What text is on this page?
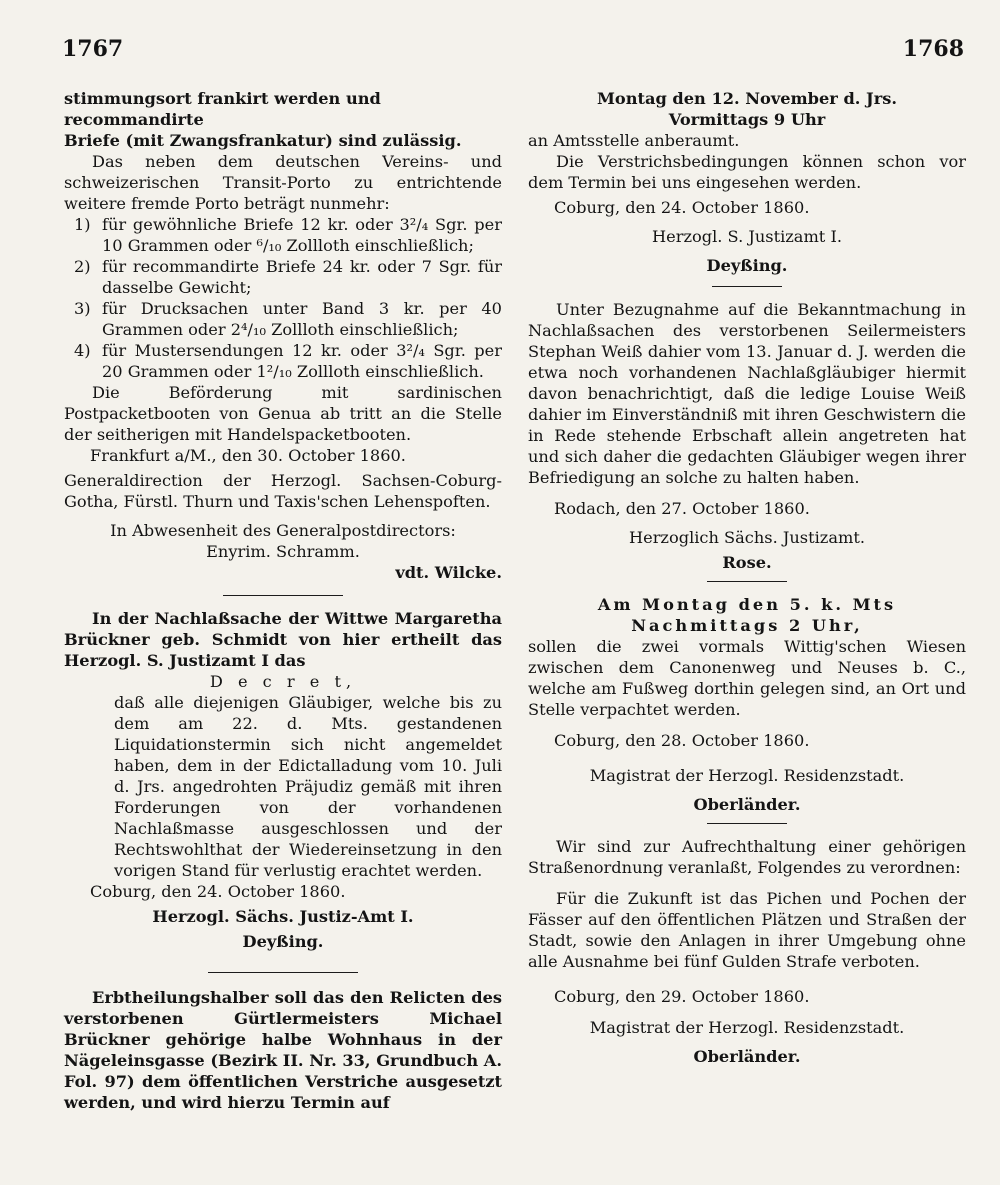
1767	1768

stimmungsort frankirt werden und recommandirte

Briefe (mit Zwangsfrankatur) sind zulässig.

Das neben dem deutschen Vereins- und schweizerischen Transit-Porto zu entrichtende weitere fremde Porto beträgt nunmehr:

1) für gewöhnliche Briefe 12 kr. oder 3²/₄ Sgr. per 10 Grammen oder ⁶/₁₀ Zollloth einschließlich;
2) für recommandirte Briefe 24 kr. oder 7 Sgr. für dasselbe Gewicht;
3) für Drucksachen unter Band 3 kr. per 40 Grammen oder 2⁴/₁₀ Zollloth einschließlich;
4) für Mustersendungen 12 kr. oder 3²/₄ Sgr. per 20 Grammen oder 1²/₁₀ Zollloth einschließlich.

Die Beförderung mit sardinischen Postpacketbooten von Genua ab tritt an die Stelle der seitherigen mit Handelspacketbooten.

Frankfurt a/M., den 30. October 1860.

Generaldirection der Herzogl. Sachsen-Coburg-Gotha, Fürstl. Thurn und Taxis'schen Lehenspoften.

In Abwesenheit des Generalpostdirectors:

Enyrim. Schramm.

vdt. Wilcke.

In der Nachlaßsache der Wittwe Margaretha Brückner geb. Schmidt von hier ertheilt das Herzogl. S. Justizamt I das

D e c r e t,

daß alle diejenigen Gläubiger, welche bis zu dem am 22. d. Mts. gestandenen Liquidationstermin sich nicht angemeldet haben, dem in der Edictalladung vom 10. Juli d. Jrs. angedrohten Präjudiz gemäß mit ihren Forderungen von der vorhandenen Nachlaßmasse ausgeschlossen und der Rechtswohlthat der Wiedereinsetzung in den vorigen Stand für verlustig erachtet werden.

Coburg, den 24. October 1860.

Herzogl. Sächs. Justiz-Amt I.

Deyßing.

Erbtheilungshalber soll das den Relicten des verstorbenen Gürtlermeisters Michael Brückner gehörige halbe Wohnhaus in der Nägeleinsgasse (Bezirk II. Nr. 33, Grundbuch A. Fol. 97) dem öffentlichen Verstriche ausgesetzt werden, und wird hierzu Termin auf

Montag den 12. November d. Jrs.

Vormittags 9 Uhr

an Amtsstelle anberaumt.

Die Verstrichsbedingungen können schon vor dem Termin bei uns eingesehen werden.

Coburg, den 24. October 1860.

Herzogl. S. Justizamt I.

Deyßing.

Unter Bezugnahme auf die Bekanntmachung in Nachlaßsachen des verstorbenen Seilermeisters Stephan Weiß dahier vom 13. Januar d. J. werden die etwa noch vorhandenen Nachlaßgläubiger hiermit davon benachrichtigt, daß die ledige Louise Weiß dahier im Einverständniß mit ihren Geschwistern die in Rede stehende Erbschaft allein angetreten hat und sich daher die gedachten Gläubiger wegen ihrer Befriedigung an solche zu halten haben.

Rodach, den 27. October 1860.

Herzoglich Sächs. Justizamt.

Rose.

Am Montag den 5. k. Mts

Nachmittags 2 Uhr,

sollen die zwei vormals Wittig'schen Wiesen zwischen dem Canonenweg und Neuses b. C., welche am Fußweg dorthin gelegen sind, an Ort und Stelle verpachtet werden.

Coburg, den 28. October 1860.

Magistrat der Herzogl. Residenzstadt.

Oberländer.

Wir sind zur Aufrechthaltung einer gehörigen Straßenordnung veranlaßt, Folgendes zu verordnen:

Für die Zukunft ist das Pichen und Pochen der Fässer auf den öffentlichen Plätzen und Straßen der Stadt, sowie den Anlagen in ihrer Umgebung ohne alle Ausnahme bei fünf Gulden Strafe verboten.

Coburg, den 29. October 1860.

Magistrat der Herzogl. Residenzstadt.

Oberländer.
